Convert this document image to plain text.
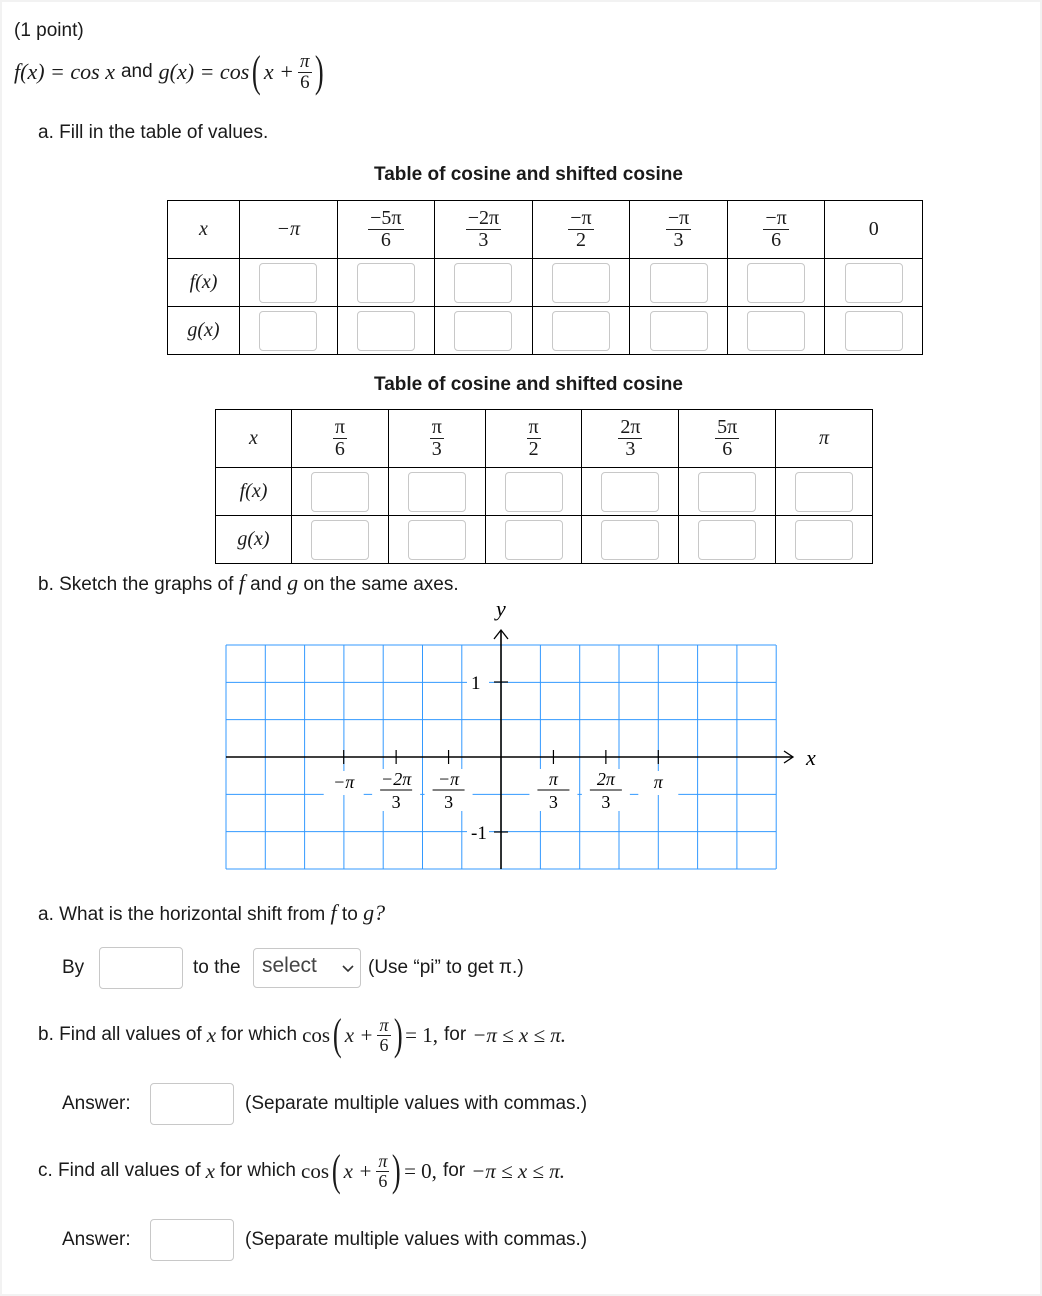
(1 point)
f(x) = cos x and g(x) = cos ( $x + \frac{\pi}{6}$ )
a. Fill in the table of values.
Table of cosine and shifted cosine
x	−π	$\frac{-5\pi}{6}$	$\frac{-2\pi}{3}$	$\frac{-\pi}{2}$	$\frac{-\pi}{3}$	$\frac{-\pi}{6}$	0
f(x)	

g(x)	

Table of cosine and shifted cosine
x	$\frac{\pi}{6}$	$\frac{\pi}{3}$	$\frac{\pi}{2}$	$\frac{2\pi}{3}$	$\frac{5\pi}{6}$	π
f(x)	

g(x)	

b. Sketch the graphs of f and g on the same axes.
y
x
1
-1
−π −2π
3
−π
3
π
3
2π
3
π
a. What is the horizontal shift from f to g?
By	to the	select	(Use “pi” to get π.)
b. Find all values of x for which cos ( $x + \frac{\pi}{6}$ ) = 1, for −π ≤ x ≤ π.
Answer:	(Separate multiple values with commas.)
c. Find all values of x for which cos ( $x + \frac{\pi}{6}$ ) = 0, for −π ≤ x ≤ π.
Answer:	(Separate multiple values with commas.)
